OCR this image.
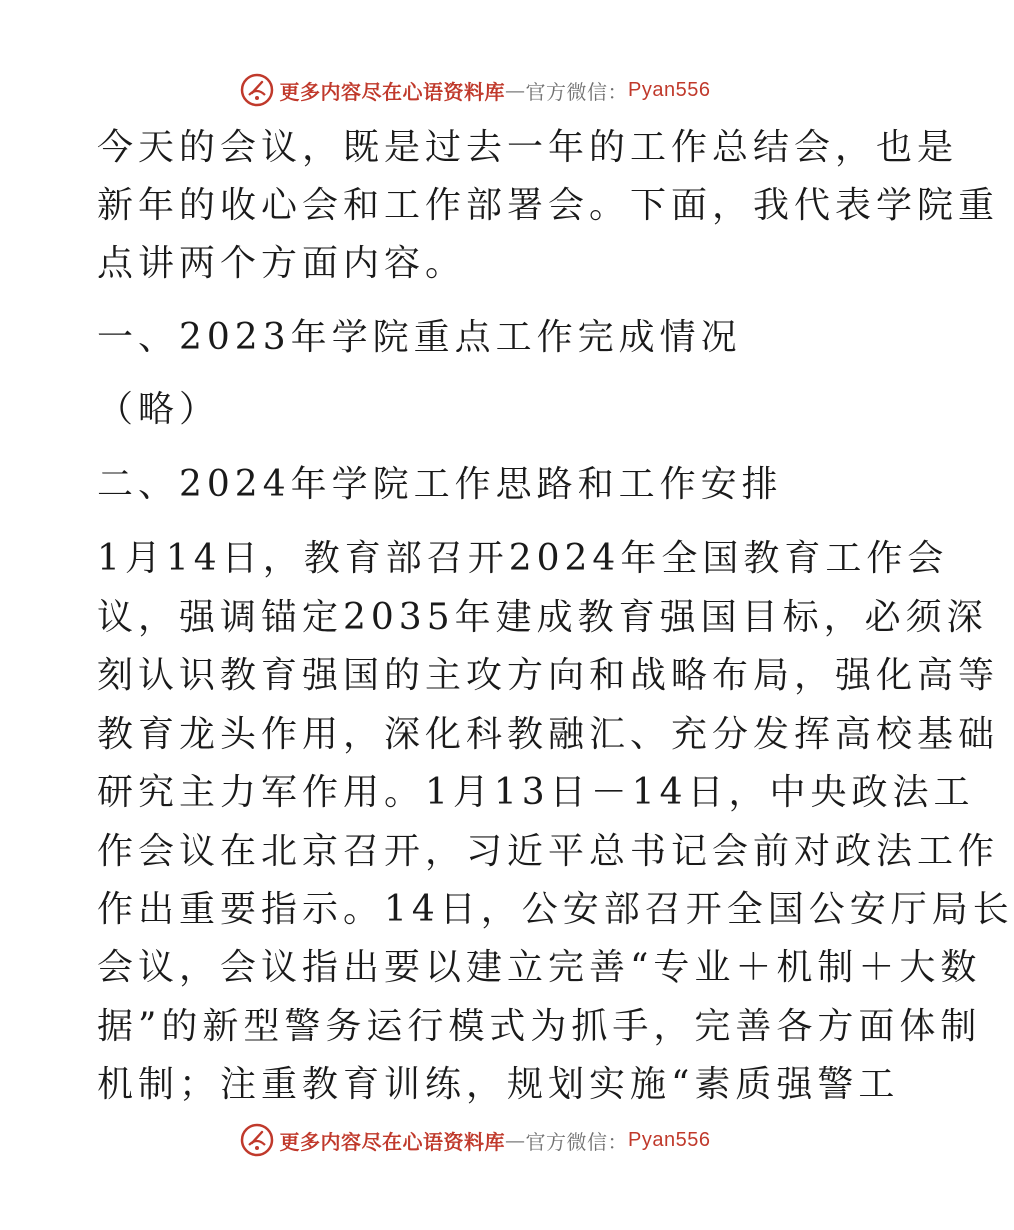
更多内容尽在心语资料库 — 官方微信： Pyan556
今天的会议，既是过去一年的工作总结会，也是
新年的收心会和工作部署会。下面，我代表学院重
点讲两个方面内容。
一、2023年学院重点工作完成情况
（略）
二、2024年学院工作思路和工作安排
1月14日，教育部召开2024年全国教育工作会
议，强调锚定2035年建成教育强国目标，必须深
刻认识教育强国的主攻方向和战略布局，强化高等
教育龙头作用，深化科教融汇、充分发挥高校基础
研究主力军作用。1月13日－14日，中央政法工
作会议在北京召开，习近平总书记会前对政法工作
作出重要指示。14日，公安部召开全国公安厅局长
会议，会议指出要以建立完善“专业＋机制＋大数
据”的新型警务运行模式为抓手，完善各方面体制
机制；注重教育训练，规划实施“素质强警工
更多内容尽在心语资料库 — 官方微信： Pyan556
